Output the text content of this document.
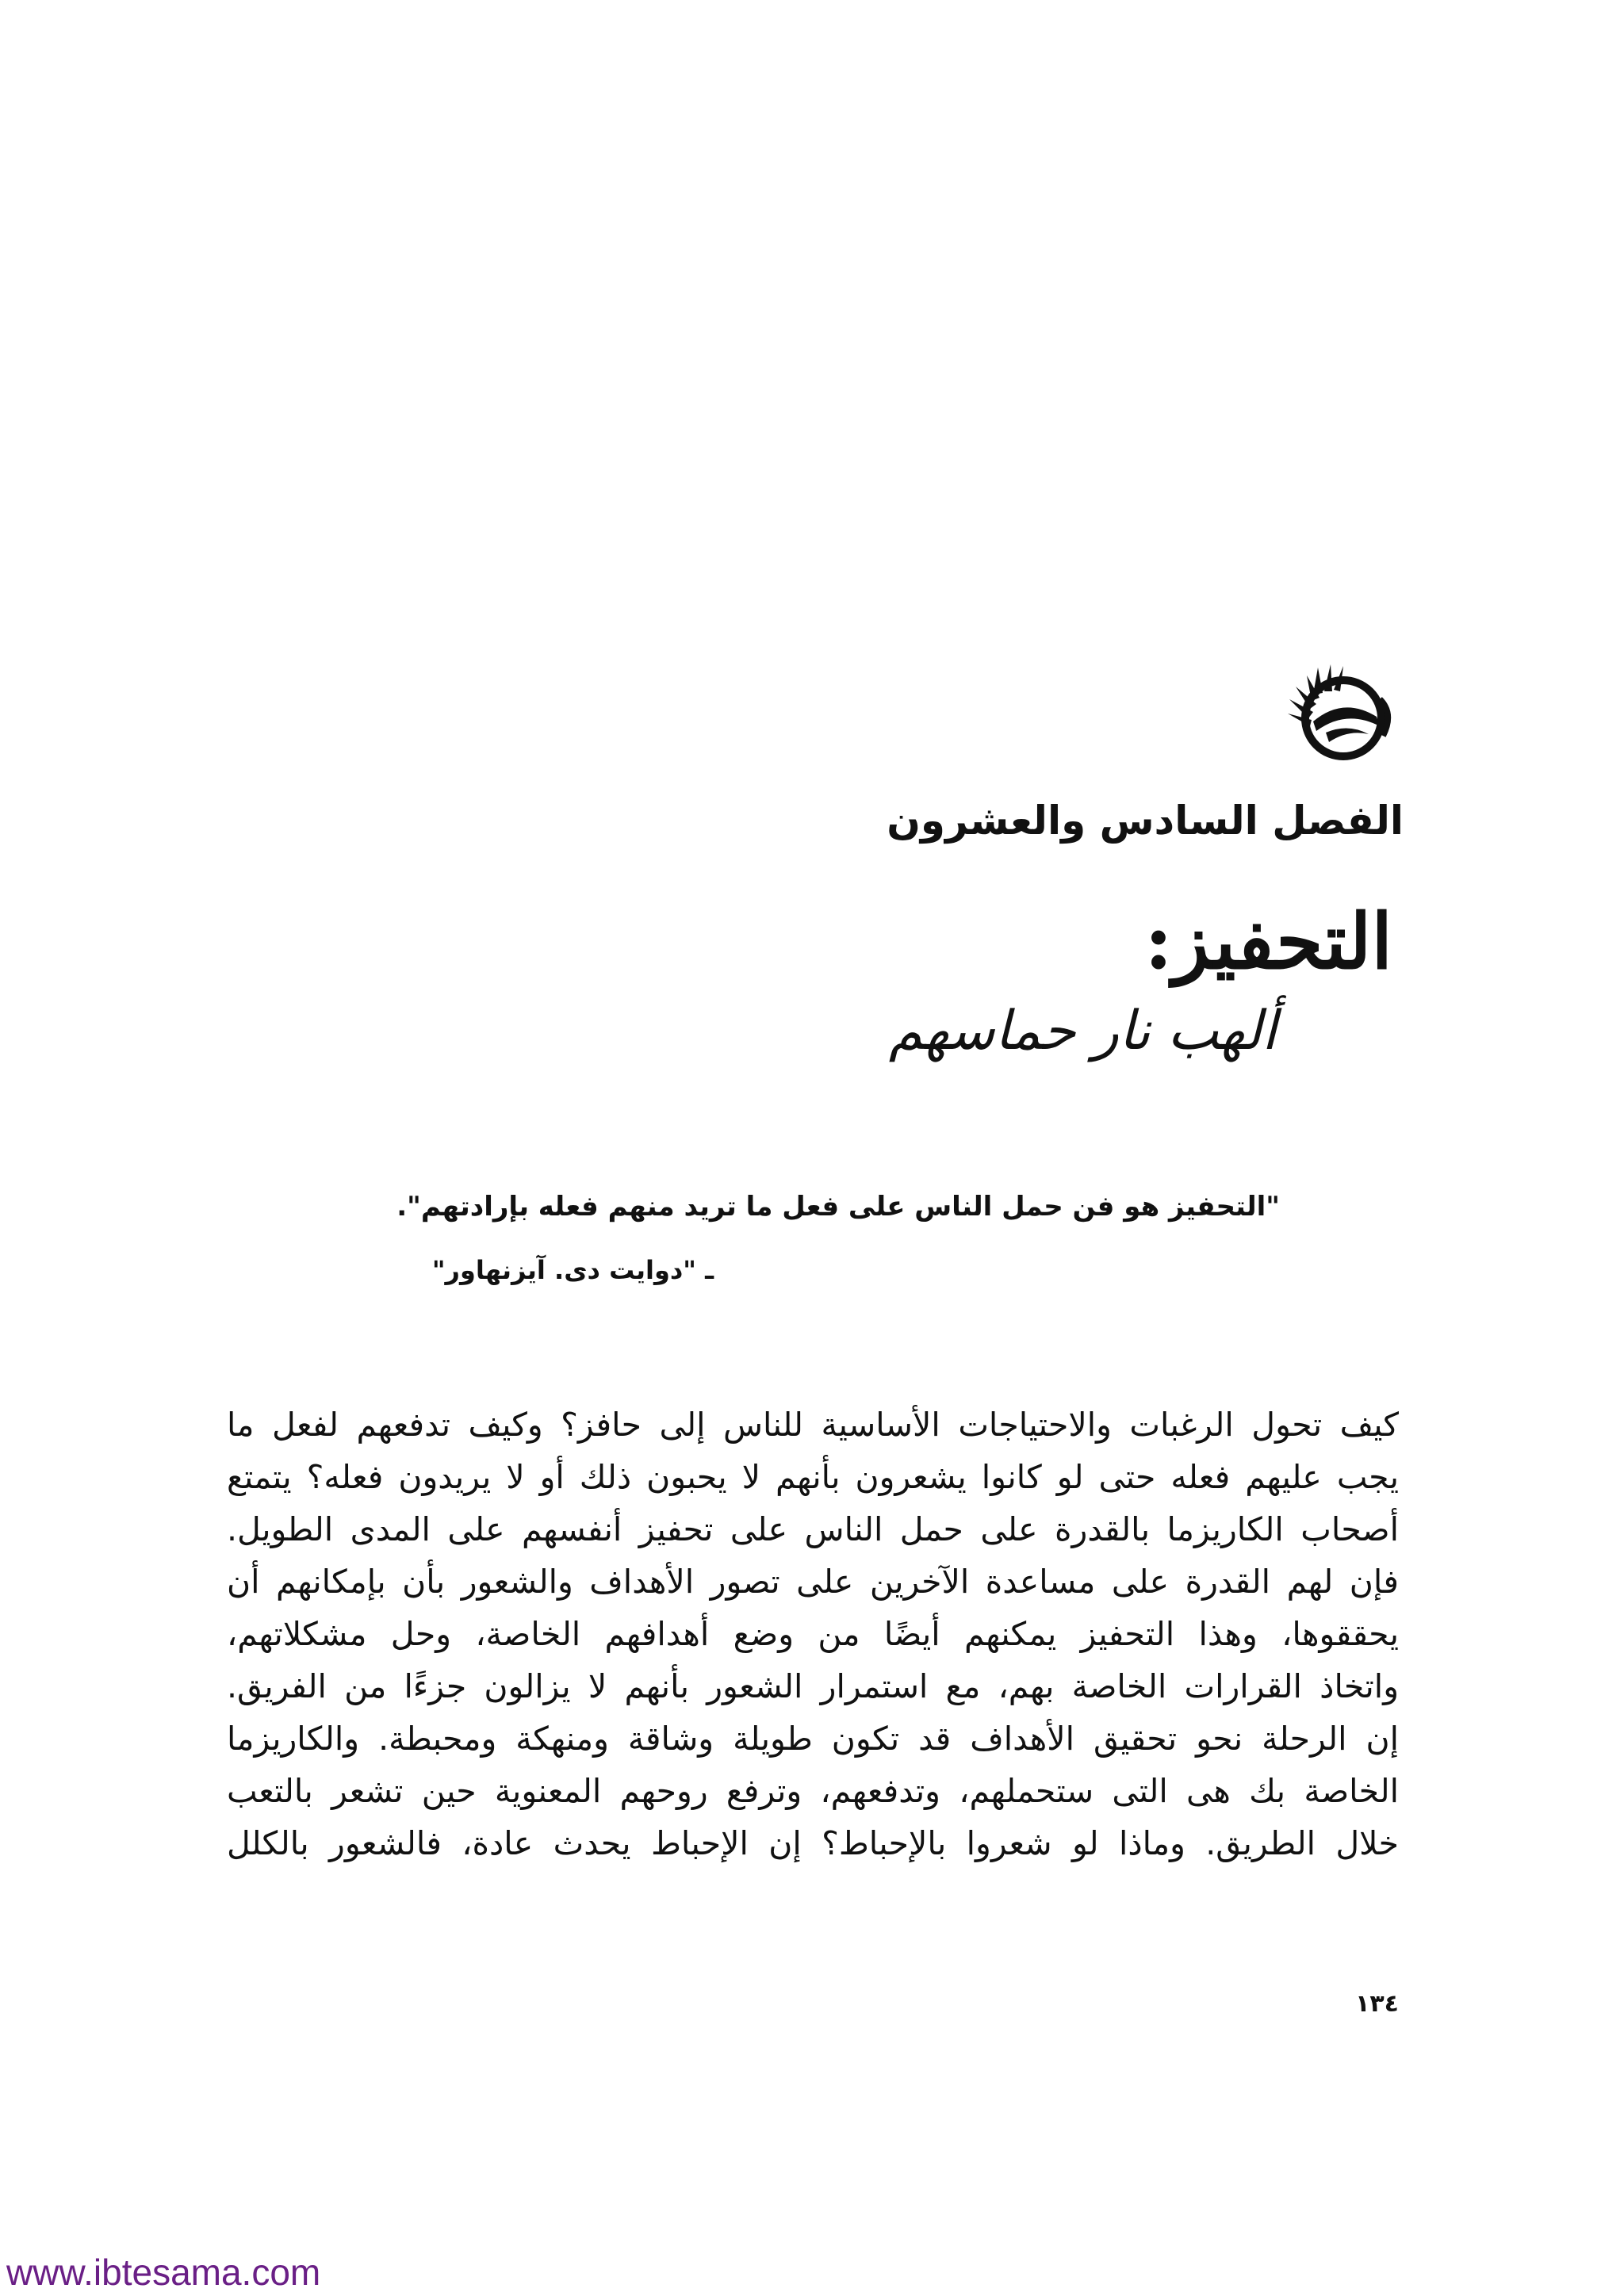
الفصل السادس والعشرون
التحفيز:
ألهب نار حماسهم
"التحفيز هو فن حمل الناس على فعل ما تريد منهم فعله بإرادتهم".
ـ "دوايت دى. آيزنهاور"
كيف تحول الرغبات والاحتياجات الأساسية للناس إلى حافز؟ وكيف تدفعهم لفعل ما
يجب عليهم فعله حتى لو كانوا يشعرون بأنهم لا يحبون ذلك أو لا يريدون فعله؟ يتمتع
أصحاب الكاريزما بالقدرة على حمل الناس على تحفيز أنفسهم على المدى الطويل.
فإن لهم القدرة على مساعدة الآخرين على تصور الأهداف والشعور بأن بإمكانهم أن
يحققوها، وهذا التحفيز يمكنهم أيضًا من وضع أهدافهم الخاصة، وحل مشكلاتهم،
واتخاذ القرارات الخاصة بهم، مع استمرار الشعور بأنهم لا يزالون جزءًا من الفريق.
إن الرحلة نحو تحقيق الأهداف قد تكون طويلة وشاقة ومنهكة ومحبطة. والكاريزما
الخاصة بك هى التى ستحملهم، وتدفعهم، وترفع روحهم المعنوية حين تشعر بالتعب
خلال الطريق. وماذا لو شعروا بالإحباط؟ إن الإحباط يحدث عادة، فالشعور بالكلل
١٣٤
www.ibtesama.com
